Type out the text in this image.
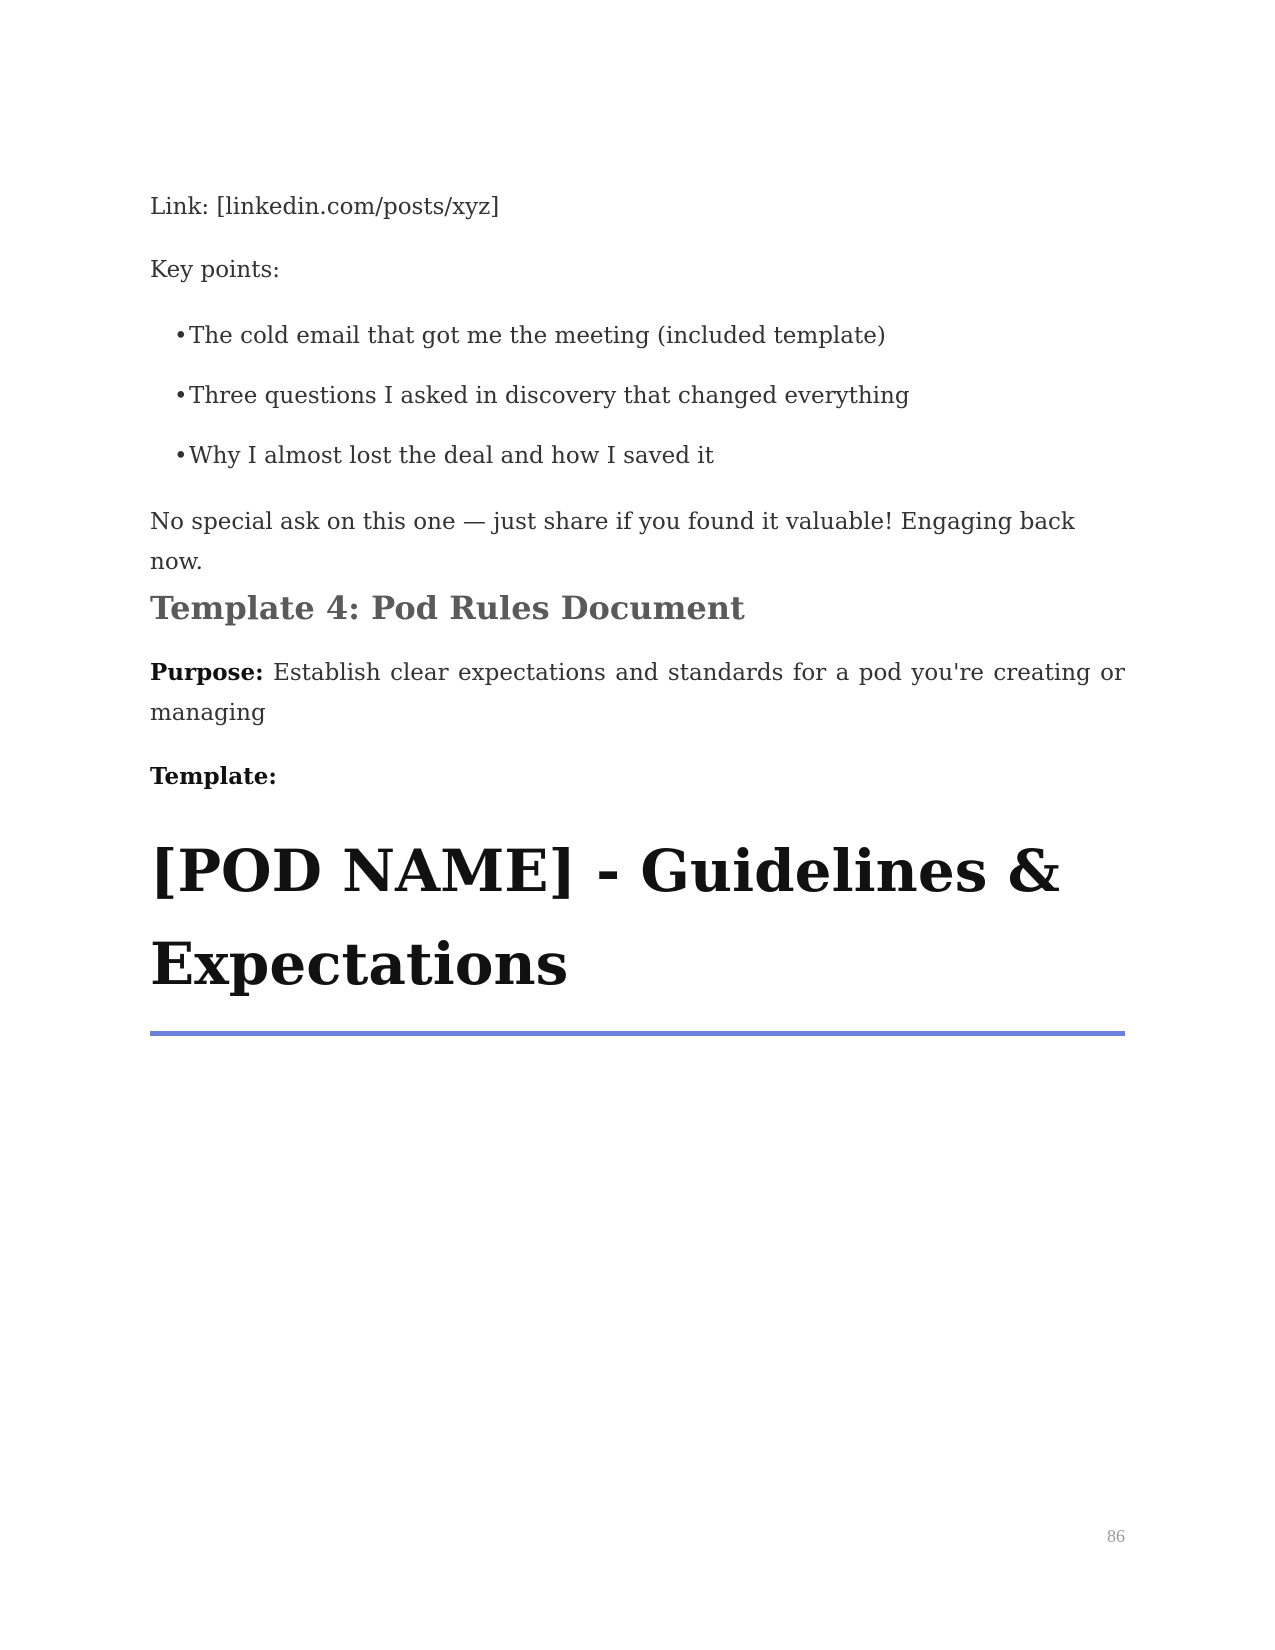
Link: [linkedin.com/posts/xyz]

Key points:

•The cold email that got me the meeting (included template)
•Three questions I asked in discovery that changed everything
•Why I almost lost the deal and how I saved it

No special ask on this one — just share if you found it valuable! Engaging back now.

Template 4: Pod Rules Document

Purpose: Establish clear expectations and standards for a pod you're creating or managing

Template:

[POD NAME] - Guidelines & Expectations
86
